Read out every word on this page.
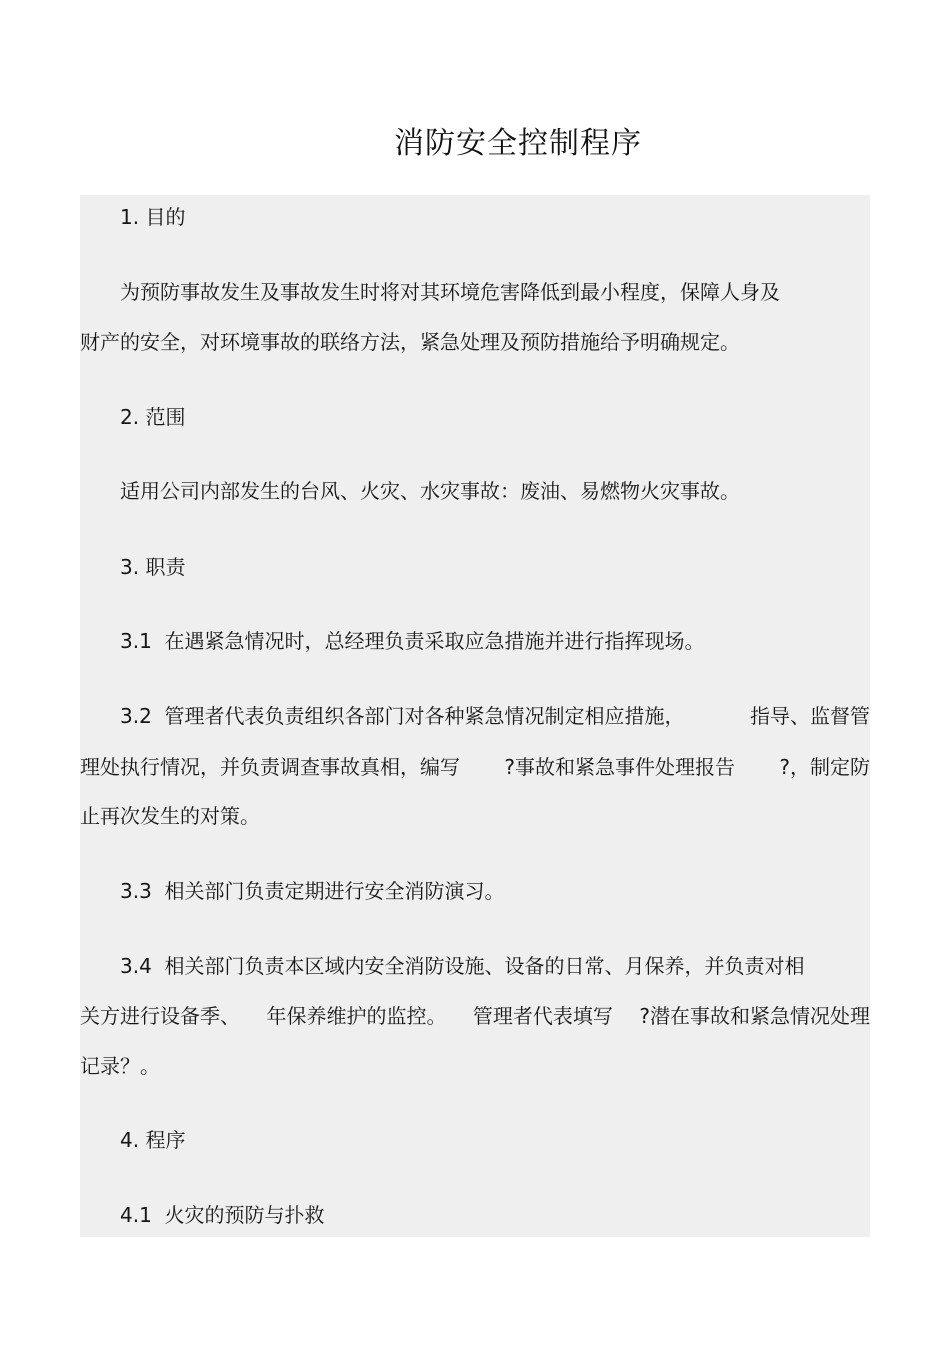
消防安全控制程序
1. 目的
为预防事故发生及事故发生时将对其环境危害降低到最小程度，保障人身及
财产的安全，对环境事故的联络方法，紧急处理及预防措施给予明确规定。
2. 范围
适用公司内部发生的台风、火灾、水灾事故：废油、易燃物火灾事故。
3. 职责
3.1  在遇紧急情况时，总经理负责采取应急措施并进行指挥现场。
3.2  管理者代表负责组织各部门对各种紧急情况制定相应措施，	指导、监督管
理处执行情况，并负责调查事故真相，编写 ?事故和紧急事件处理报告 ?，制定防
止再次发生的对策。
3.3  相关部门负责定期进行安全消防演习。
3.4  相关部门负责本区域内安全消防设施、设备的日常、月保养，并负责对相
关方进行设备季、 年保养维护的监控。 管理者代表填写 ?潜在事故和紧急情况处理
记录？。
4. 程序
4.1  火灾的预防与扑救
